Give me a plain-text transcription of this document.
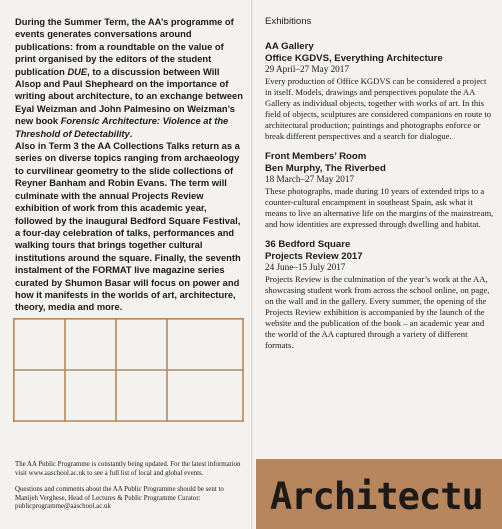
During the Summer Term, the AA’s programme of events generates conversations around publications: from a roundtable on the value of print organised by the editors of the student publication DUE, to a discussion between Will Alsop and Paul Shepheard on the importance of writing about architecture, to an exchange between Eyal Weizman and John Palmesino on Weizman’s new book Forensic Architecture: Violence at the Threshold of Detectability.

Also in Term 3 the AA Collections Talks return as a series on diverse topics ranging from archaeology to curvilinear geometry to the slide collections of Reyner Banham and Robin Evans. The term will culminate with the annual Projects Review exhibition of work from this academic year, followed by the inaugural Bedford Square Festival, a four-day celebration of talks, performances and walking tours that brings together cultural institutions around the square. Finally, the seventh instalment of the FORMAT live magazine series curated by Shumon Basar will focus on power and how it manifests in the worlds of art, architecture, theory, media and more.

The AA Public Programme is constantly being updated. For the latest information visit www.aaschool.ac.uk to see a full list of local and global events.

Questions and comments about the AA Public Programme should be sent to Manijeh Verghese, Head of Lectures & Public Programme Curator: publicprogramme@aaschool.ac.uk

Exhibitions

AA Gallery

Office KGDVS, Everything Architecture

29 April–27 May 2017

Every production of Office KGDVS can be considered a project in itself. Models, drawings and perspectives populate the AA Gallery as individual objects, together with works of art. In this field of objects, sculptures are considered companions en route to architectural production; paintings and photographs enforce or break different perspectives and a search for dialogue.

Front Members’ Room

Ben Murphy, The Riverbed

18 March–27 May 2017

These photographs, made during 10 years of extended trips to a counter-cultural encampment in southeast Spain, ask what it means to live an alternative life on the margins of the mainstream, and how identities are expressed through dwelling and habitat.

36 Bedford Square

Projects Review 2017

24 June–15 July 2017

Projects Review is the culmination of the year’s work at the AA, showcasing student work from across the school online, on page, on the wall and in the gallery. Every summer, the opening of the Projects Review exhibition is accompanied by the launch of the website and the publication of the book – an academic year and the world of the AA captured through a variety of different formats.

Architectu
